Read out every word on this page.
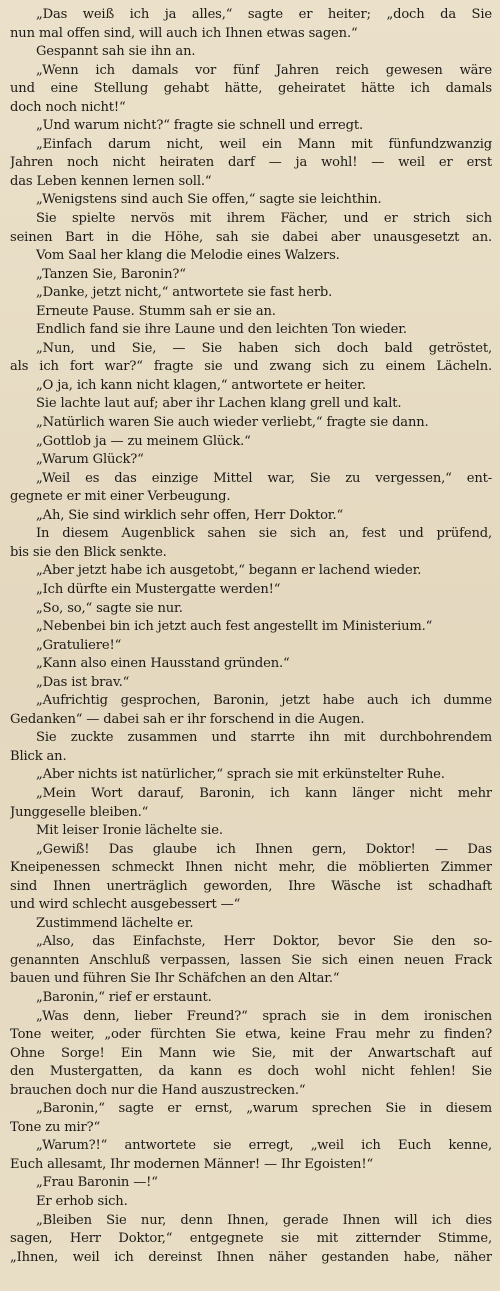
„Das weiß ich ja alles,“ sagte er heiter; „doch da Sie
nun mal offen sind, will auch ich Ihnen etwas sagen.“
Gespannt sah sie ihn an.
„Wenn ich damals vor fünf Jahren reich gewesen wäre
und eine Stellung gehabt hätte, geheiratet hätte ich damals
doch noch nicht!“
„Und warum nicht?“ fragte sie schnell und erregt.
„Einfach darum nicht, weil ein Mann mit fünfundzwanzig
Jahren noch nicht heiraten darf — ja wohl! — weil er erst
das Leben kennen lernen soll.“
„Wenigstens sind auch Sie offen,“ sagte sie leichthin.
Sie spielte nervös mit ihrem Fächer, und er strich sich
seinen Bart in die Höhe, sah sie dabei aber unausgesetzt an.
Vom Saal her klang die Melodie eines Walzers.
„Tanzen Sie, Baronin?“
„Danke, jetzt nicht,“ antwortete sie fast herb.
Erneute Pause. Stumm sah er sie an.
Endlich fand sie ihre Laune und den leichten Ton wieder.
„Nun, und Sie, — Sie haben sich doch bald getröstet,
als ich fort war?“ fragte sie und zwang sich zu einem Lächeln.
„O ja, ich kann nicht klagen,“ antwortete er heiter.
Sie lachte laut auf; aber ihr Lachen klang grell und kalt.
„Natürlich waren Sie auch wieder verliebt,“ fragte sie dann.
„Gottlob ja — zu meinem Glück.“
„Warum Glück?“
„Weil es das einzige Mittel war, Sie zu vergessen,“ ent-
gegnete er mit einer Verbeugung.
„Ah, Sie sind wirklich sehr offen, Herr Doktor.“
In diesem Augenblick sahen sie sich an, fest und prüfend,
bis sie den Blick senkte.
„Aber jetzt habe ich ausgetobt,“ begann er lachend wieder.
„Ich dürfte ein Mustergatte werden!“
„So, so,“ sagte sie nur.
„Nebenbei bin ich jetzt auch fest angestellt im Ministerium.“
„Gratuliere!“
„Kann also einen Hausstand gründen.“
„Das ist brav.“
„Aufrichtig gesprochen, Baronin, jetzt habe auch ich dumme
Gedanken“ — dabei sah er ihr forschend in die Augen.
Sie zuckte zusammen und starrte ihn mit durchbohrendem
Blick an.
„Aber nichts ist natürlicher,“ sprach sie mit erkünstelter Ruhe.
„Mein Wort darauf, Baronin, ich kann länger nicht mehr
Junggeselle bleiben.“
Mit leiser Ironie lächelte sie.
„Gewiß! Das glaube ich Ihnen gern, Doktor! — Das
Kneipenessen schmeckt Ihnen nicht mehr, die möblierten Zimmer
sind Ihnen unerträglich geworden, Ihre Wäsche ist schadhaft
und wird schlecht ausgebessert —“
Zustimmend lächelte er.
„Also, das Einfachste, Herr Doktor, bevor Sie den so-
genannten Anschluß verpassen, lassen Sie sich einen neuen Frack
bauen und führen Sie Ihr Schäfchen an den Altar.“
„Baronin,“ rief er erstaunt.
„Was denn, lieber Freund?“ sprach sie in dem ironischen
Tone weiter, „oder fürchten Sie etwa, keine Frau mehr zu finden?
Ohne Sorge! Ein Mann wie Sie, mit der Anwartschaft auf
den Mustergatten, da kann es doch wohl nicht fehlen! Sie
brauchen doch nur die Hand auszustrecken.“
„Baronin,“ sagte er ernst, „warum sprechen Sie in diesem
Tone zu mir?“
„Warum?!“ antwortete sie erregt, „weil ich Euch kenne,
Euch allesamt, Ihr modernen Männer! — Ihr Egoisten!“
„Frau Baronin —!“
Er erhob sich.
„Bleiben Sie nur, denn Ihnen, gerade Ihnen will ich dies
sagen, Herr Doktor,“ entgegnete sie mit zitternder Stimme,
„Ihnen, weil ich dereinst Ihnen näher gestanden habe, näher
